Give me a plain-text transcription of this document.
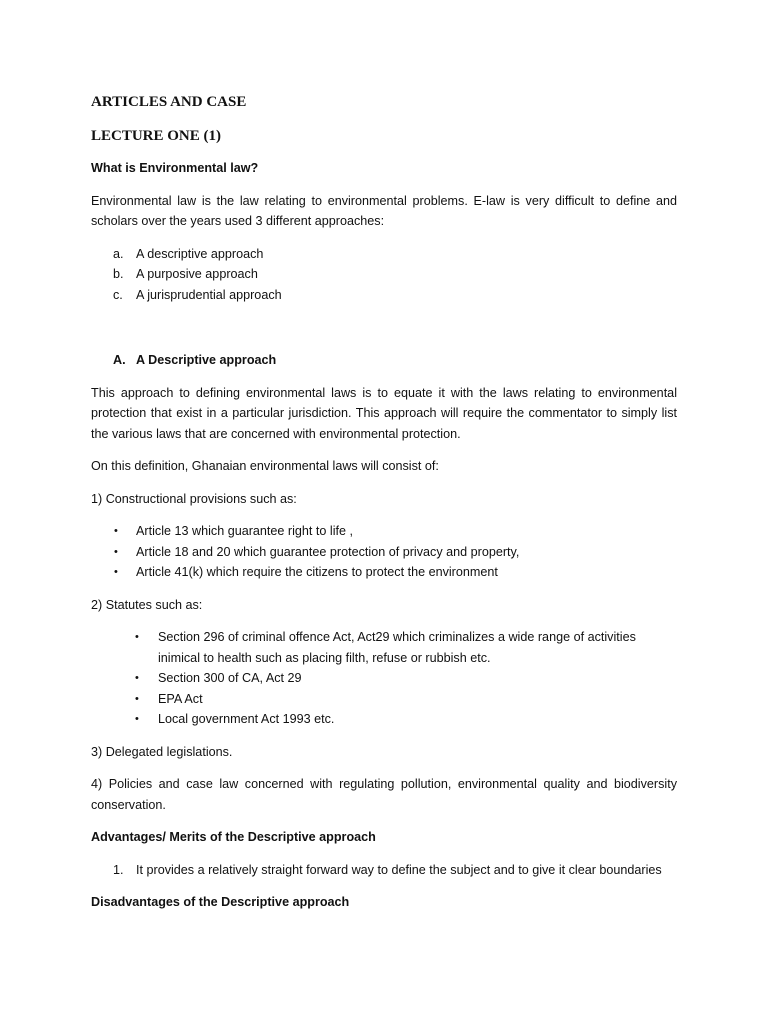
ARTICLES AND CASE
LECTURE ONE (1)

What is Environmental law?

Environmental law is the law relating to environmental problems. E-law is very difficult to define and scholars over the years used 3 different approaches:

a. A descriptive approach
b. A purposive approach
c. A jurisprudential approach

A. A Descriptive approach

This approach to defining environmental laws is to equate it with the laws relating to environmental protection that exist in a particular jurisdiction. This approach will require the commentator to simply list the various laws that are concerned with environmental protection.

On this definition, Ghanaian environmental laws will consist of:

1) Constructional provisions such as:

• Article 13 which guarantee right to life ,
• Article 18 and 20 which guarantee protection of privacy and property,
• Article 41(k) which require the citizens to protect the environment

2) Statutes such as:

• Section 296 of criminal offence Act, Act29 which criminalizes a wide range of activities inimical to health such as placing filth, refuse or rubbish etc.
• Section 300 of CA, Act 29
• EPA Act
• Local government Act 1993 etc.

3) Delegated legislations.

4) Policies and case law concerned with regulating pollution, environmental quality and biodiversity conservation.

Advantages/ Merits of the Descriptive approach

1. It provides a relatively straight forward way to define the subject and to give it clear boundaries

Disadvantages of the Descriptive approach
